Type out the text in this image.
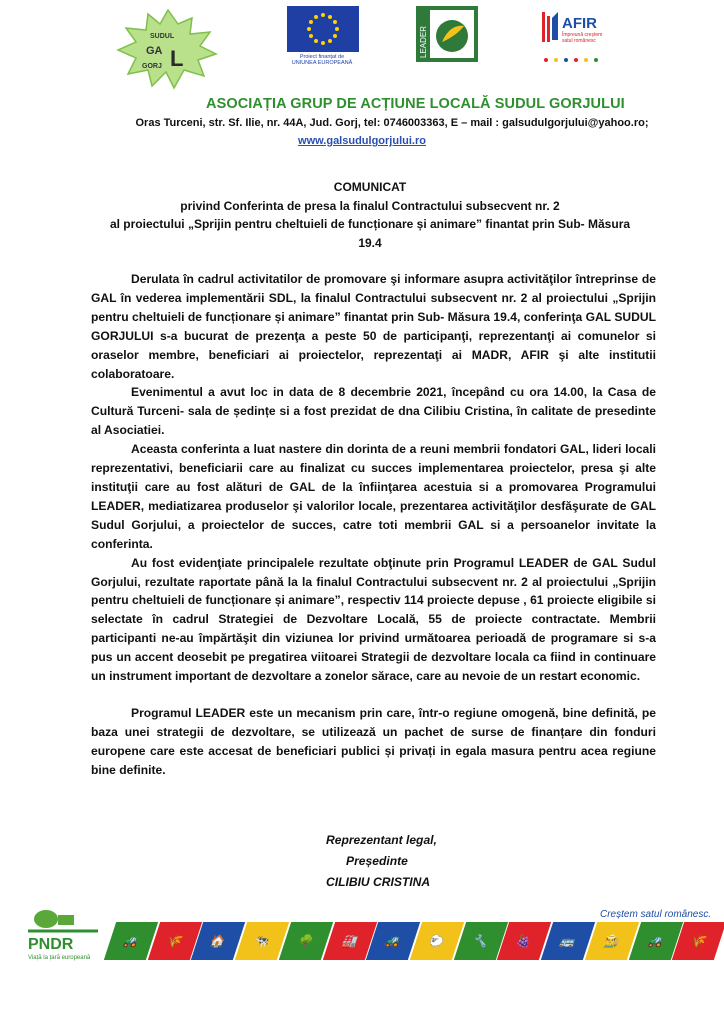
SUDUL
GA L
GORJ
Proiect finanțat de UNIUNEA EUROPEANĂ
LEADER
AFIR
Împreună creștem
satul românesc
ASOCIAȚIA GRUP DE ACȚIUNE LOCALĂ SUDUL GORJULUI
Oras Turceni, str. Sf. Ilie, nr. 44A, Jud. Gorj, tel: 0746003363, E – mail : galsudulgorjului@yahoo.ro;
www.galsudulgorjului.ro
COMUNICAT
privind Conferinta de presa la finalul Contractului subsecvent nr. 2
al proiectului „Sprijin pentru cheltuieli de funcționare și animare” finantat prin Sub- Măsura
19.4

Derulata în cadrul activitatilor de promovare şi informare asupra activităţilor întreprinse de GAL în vederea implementării SDL, la finalul Contractului subsecvent nr. 2 al proiectului „Sprijin pentru cheltuieli de funcționare și animare” finantat prin Sub- Măsura 19.4, conferinţa GAL SUDUL GORJULUI s-a bucurat de prezenţa a peste 50 de participanţi, reprezentanţi ai comunelor si oraselor membre, beneficiari ai proiectelor, reprezentaţi ai MADR, AFIR şi alte institutii colaboratoare.

Evenimentul a avut loc in data de 8 decembrie 2021, începând cu ora 14.00, la Casa de Cultură Turceni- sala de ședințe si a fost prezidat de dna Cilibiu Cristina, în calitate de presedinte al Asociatiei.

Aceasta conferinta a luat nastere din dorinta de a reuni membrii fondatori GAL, lideri locali reprezentativi, beneficiarii care au finalizat cu succes implementarea proiectelor, presa şi alte instituţii care au fost alături de GAL de la înfiinţarea acestuia si a promovarea Programului LEADER, mediatizarea produselor şi valorilor locale, prezentarea activităţilor desfăşurate de GAL Sudul Gorjului, a proiectelor de succes, catre toti membrii GAL si a persoanelor invitate la conferinta.

Au fost evidenţiate principalele rezultate obţinute prin Programul LEADER de GAL Sudul Gorjului, rezultate raportate până la la finalul Contractului subsecvent nr. 2 al proiectului „Sprijin pentru cheltuieli de funcționare și animare”, respectiv 114 proiecte depuse , 61 proiecte eligibile si selectate în cadrul Strategiei de Dezvoltare Locală, 55 de proiecte contractate. Membrii participanti ne-au împărtăşit din viziunea lor privind următoarea perioadă de programare si s-a pus un accent deosebit pe pregatirea viitoarei Strategii de dezvoltare locala ca fiind in continuare un instrument important de dezvoltare a zonelor sărace, care au nevoie de un restart economic.

Programul LEADER este un mecanism prin care, într-o regiune omogenă, bine definită, pe baza unei strategii de dezvoltare, se utilizează un pachet de surse de finanțare din fonduri europene care este accesat de beneficiari publici și privați in egala masura pentru acea regiune bine definite.

Reprezentant legal,
Președinte
CILIBIU CRISTINA
PNDR
Viață la țară europeană
Creștem satul românesc.
🚜	🌾	🏠	🐄	🌳	🏭	🚜	🐑	🔧	🍇	🚌	👨‍🌾	🚜	🌾
